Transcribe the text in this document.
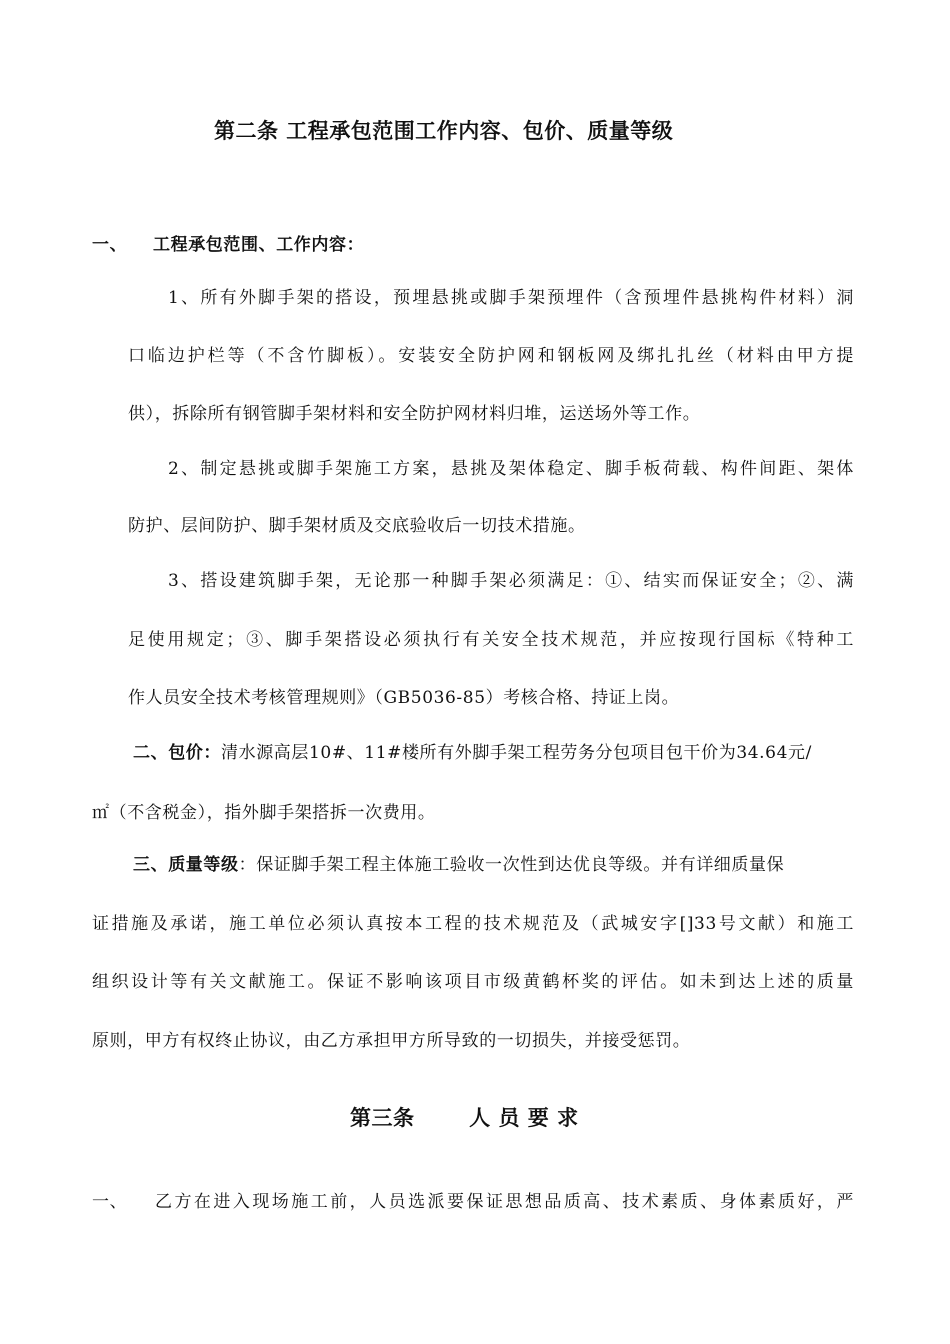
第二条 工程承包范围工作内容、包价、质量等级
一、 工程承包范围、工作内容：
1、所有外脚手架的搭设，预埋悬挑或脚手架预埋件（含预埋件悬挑构件材料）洞
口临边护栏等（不含竹脚板）。安装安全防护网和钢板网及绑扎扎丝（材料由甲方提
供），拆除所有钢管脚手架材料和安全防护网材料归堆，运送场外等工作。
2、制定悬挑或脚手架施工方案，悬挑及架体稳定、脚手板荷载、构件间距、架体
防护、层间防护、脚手架材质及交底验收后一切技术措施。
3、搭设建筑脚手架，无论那一种脚手架必须满足：①、结实而保证安全；②、满
足使用规定；③、脚手架搭设必须执行有关安全技术规范，并应按现行国标《特种工
作人员安全技术考核管理规则》（GB5036-85）考核合格、持证上岗。
二、包价：清水源高层10#、11#楼所有外脚手架工程劳务分包项目包干价为34.64元/
㎡（不含税金），指外脚手架搭拆一次费用。
三、质量等级：保证脚手架工程主体施工验收一次性到达优良等级。并有详细质量保
证措施及承诺，施工单位必须认真按本工程的技术规范及（武城安字[]33号文献）和施工
组织设计等有关文献施工。保证不影响该项目市级黄鹤杯奖的评估。如未到达上述的质量
原则，甲方有权终止协议，由乙方承担甲方所导致的一切损失，并接受惩罚。
第三条       人 员 要 求
一、 乙方在进入现场施工前，人员选派要保证思想品质高、技术素质、身体素质好，严
